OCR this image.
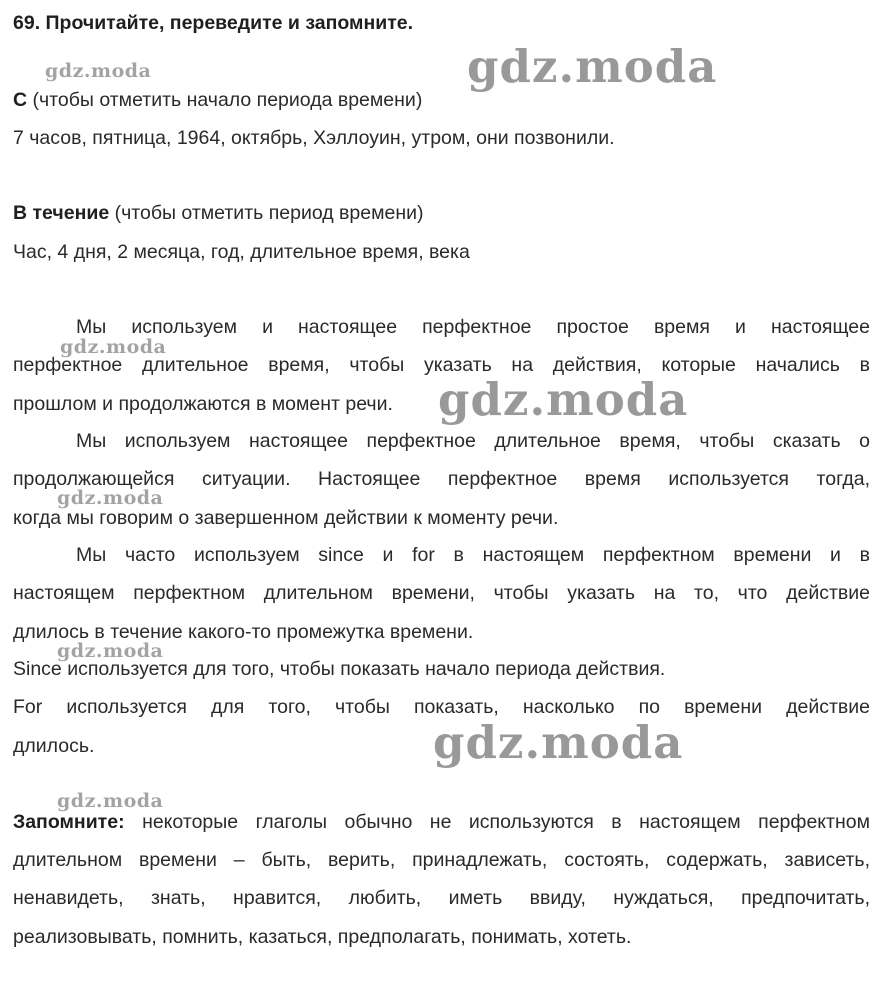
69. Прочитайте, переведите и запомните.
С (чтобы отметить начало периода времени)
7 часов, пятница, 1964, октябрь, Хэллоуин, утром, они позвонили.
В течение (чтобы отметить период времени)
Час, 4 дня, 2 месяца, год, длительное время, века
Мы используем и настоящее перфектное простое время и настоящее
перфектное длительное время, чтобы указать на действия, которые начались в
прошлом и продолжаются в момент речи.
Мы используем настоящее перфектное длительное время, чтобы сказать о
продолжающейся ситуации. Настоящее перфектное время используется тогда,
когда мы говорим о завершенном действии к моменту речи.
Мы часто используем since и for в настоящем перфектном времени и в
настоящем перфектном длительном времени, чтобы указать на то, что действие
длилось в течение какого-то промежутка времени.
Since используется для того, чтобы показать начало периода действия.
For используется для того, чтобы показать, насколько по времени действие
длилось.
Запомните: некоторые глаголы обычно не используются в настоящем перфектном
длительном времени – быть, верить, принадлежать, состоять, содержать, зависеть,
ненавидеть, знать, нравится, любить, иметь ввиду, нуждаться, предпочитать,
реализовывать, помнить, казаться, предполагать, понимать, хотеть.
gdz.moda	gdz.moda
gdz.moda
gdz.moda
gdz.moda
gdz.moda
gdz.moda
gdz.moda
